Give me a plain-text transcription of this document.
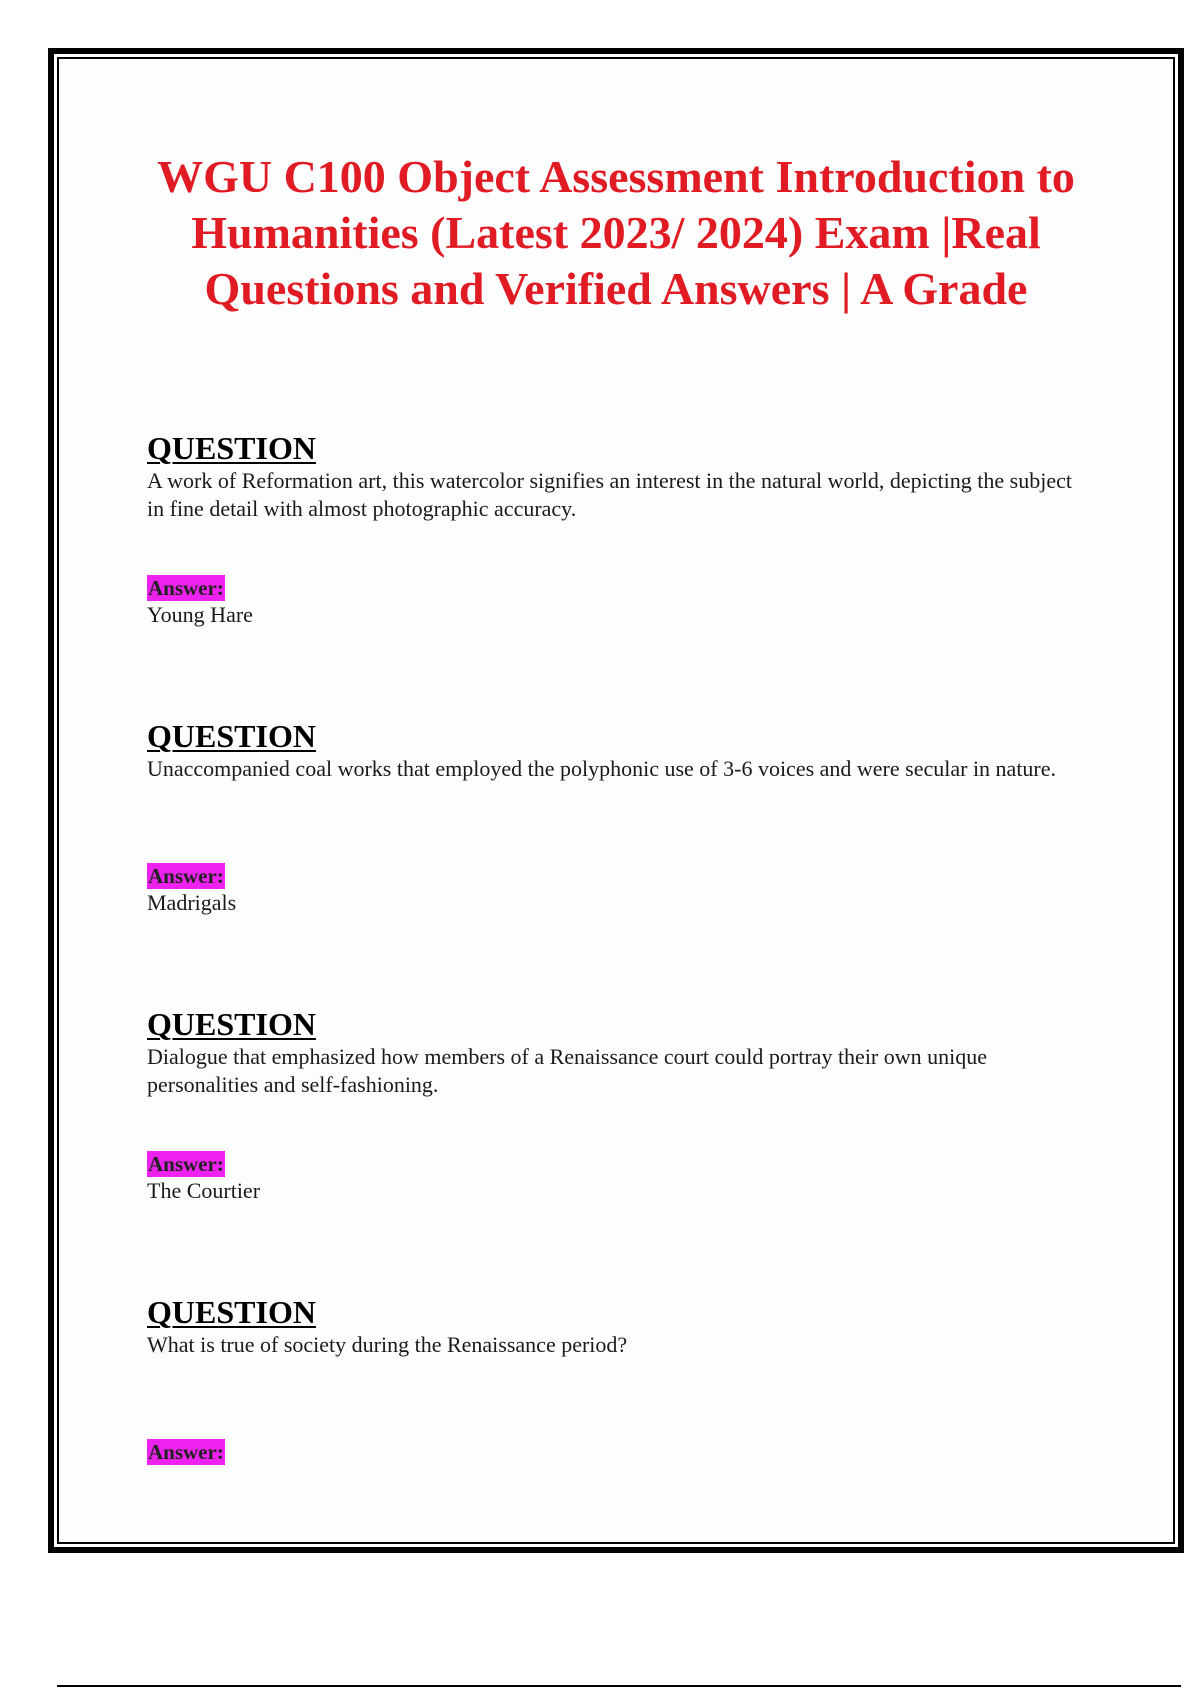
WGU C100 Object Assessment Introduction to Humanities (Latest 2023/ 2024) Exam |Real Questions and Verified Answers | A Grade
QUESTION
A work of Reformation art, this watercolor signifies an interest in the natural world, depicting the subject in fine detail with almost photographic accuracy.
Answer:
Young Hare
QUESTION
Unaccompanied coal works that employed the polyphonic use of 3-6 voices and were secular in nature.
Answer:
Madrigals
QUESTION
Dialogue that emphasized how members of a Renaissance court could portray their own unique personalities and self-fashioning.
Answer:
The Courtier
QUESTION
What is true of society during the Renaissance period?
Answer:
